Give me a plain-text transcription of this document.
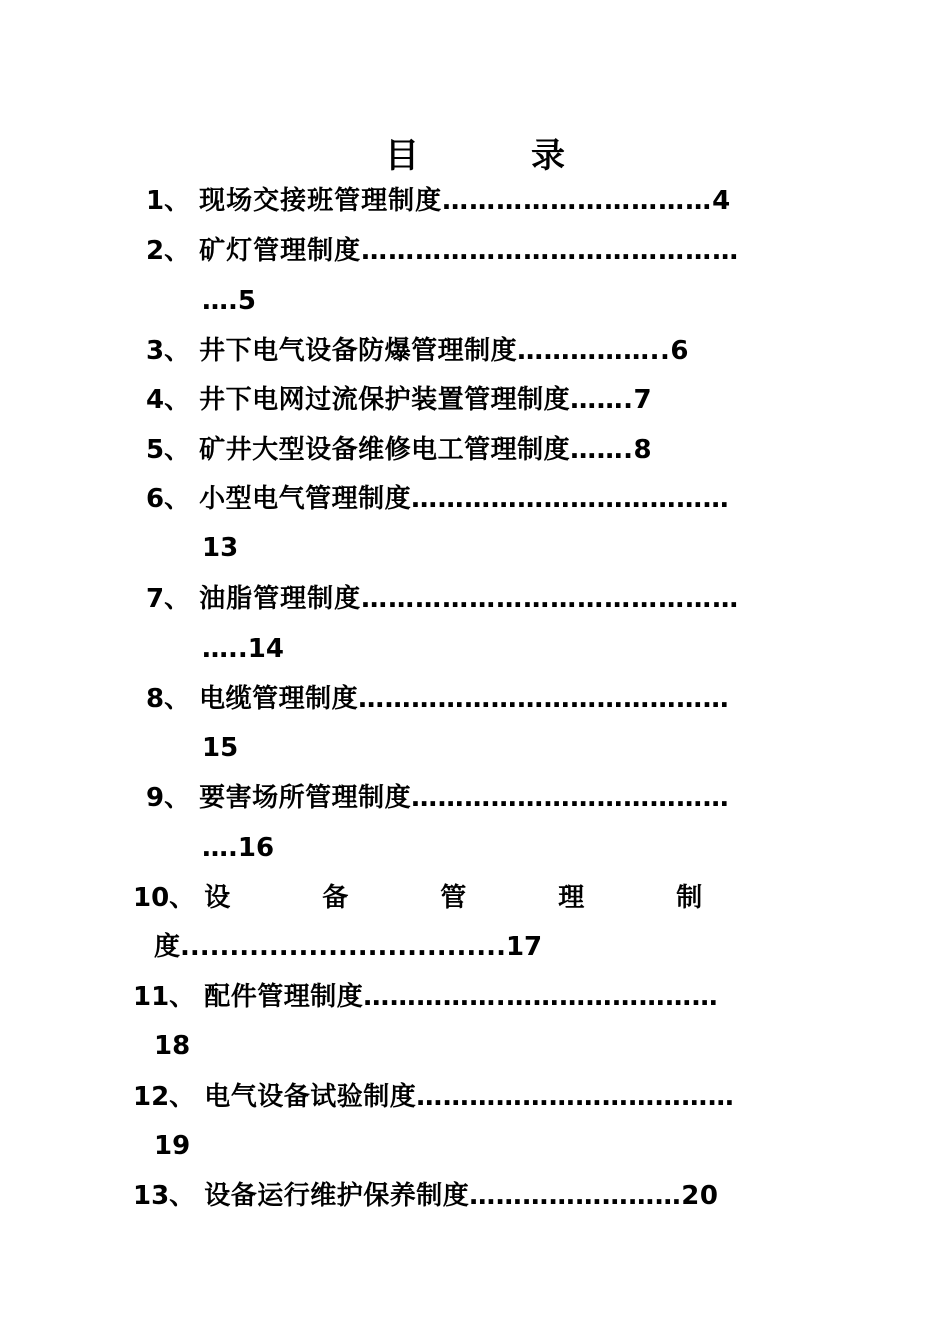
目	录
1、 现场交接班管理制度…………………………4
2、 矿灯管理制度……………………………………
….5
3、 井下电气设备防爆管理制度……………..6
4、 井下电网过流保护装置管理制度…….7
5、 矿井大型设备维修电工管理制度…….8
6、 小型电气管理制度………………………………
13
7、 油脂管理制度……………………………………
…..14
8、 电缆管理制度……………………………………
15
9、 要害场所管理制度………………………………
….16
10、 设备管理制
度.................................17
11、 配件管理制度…………….……………………
18
12、 电气设备试验制度………………………………
19
13、 设备运行维护保养制度……………………20
